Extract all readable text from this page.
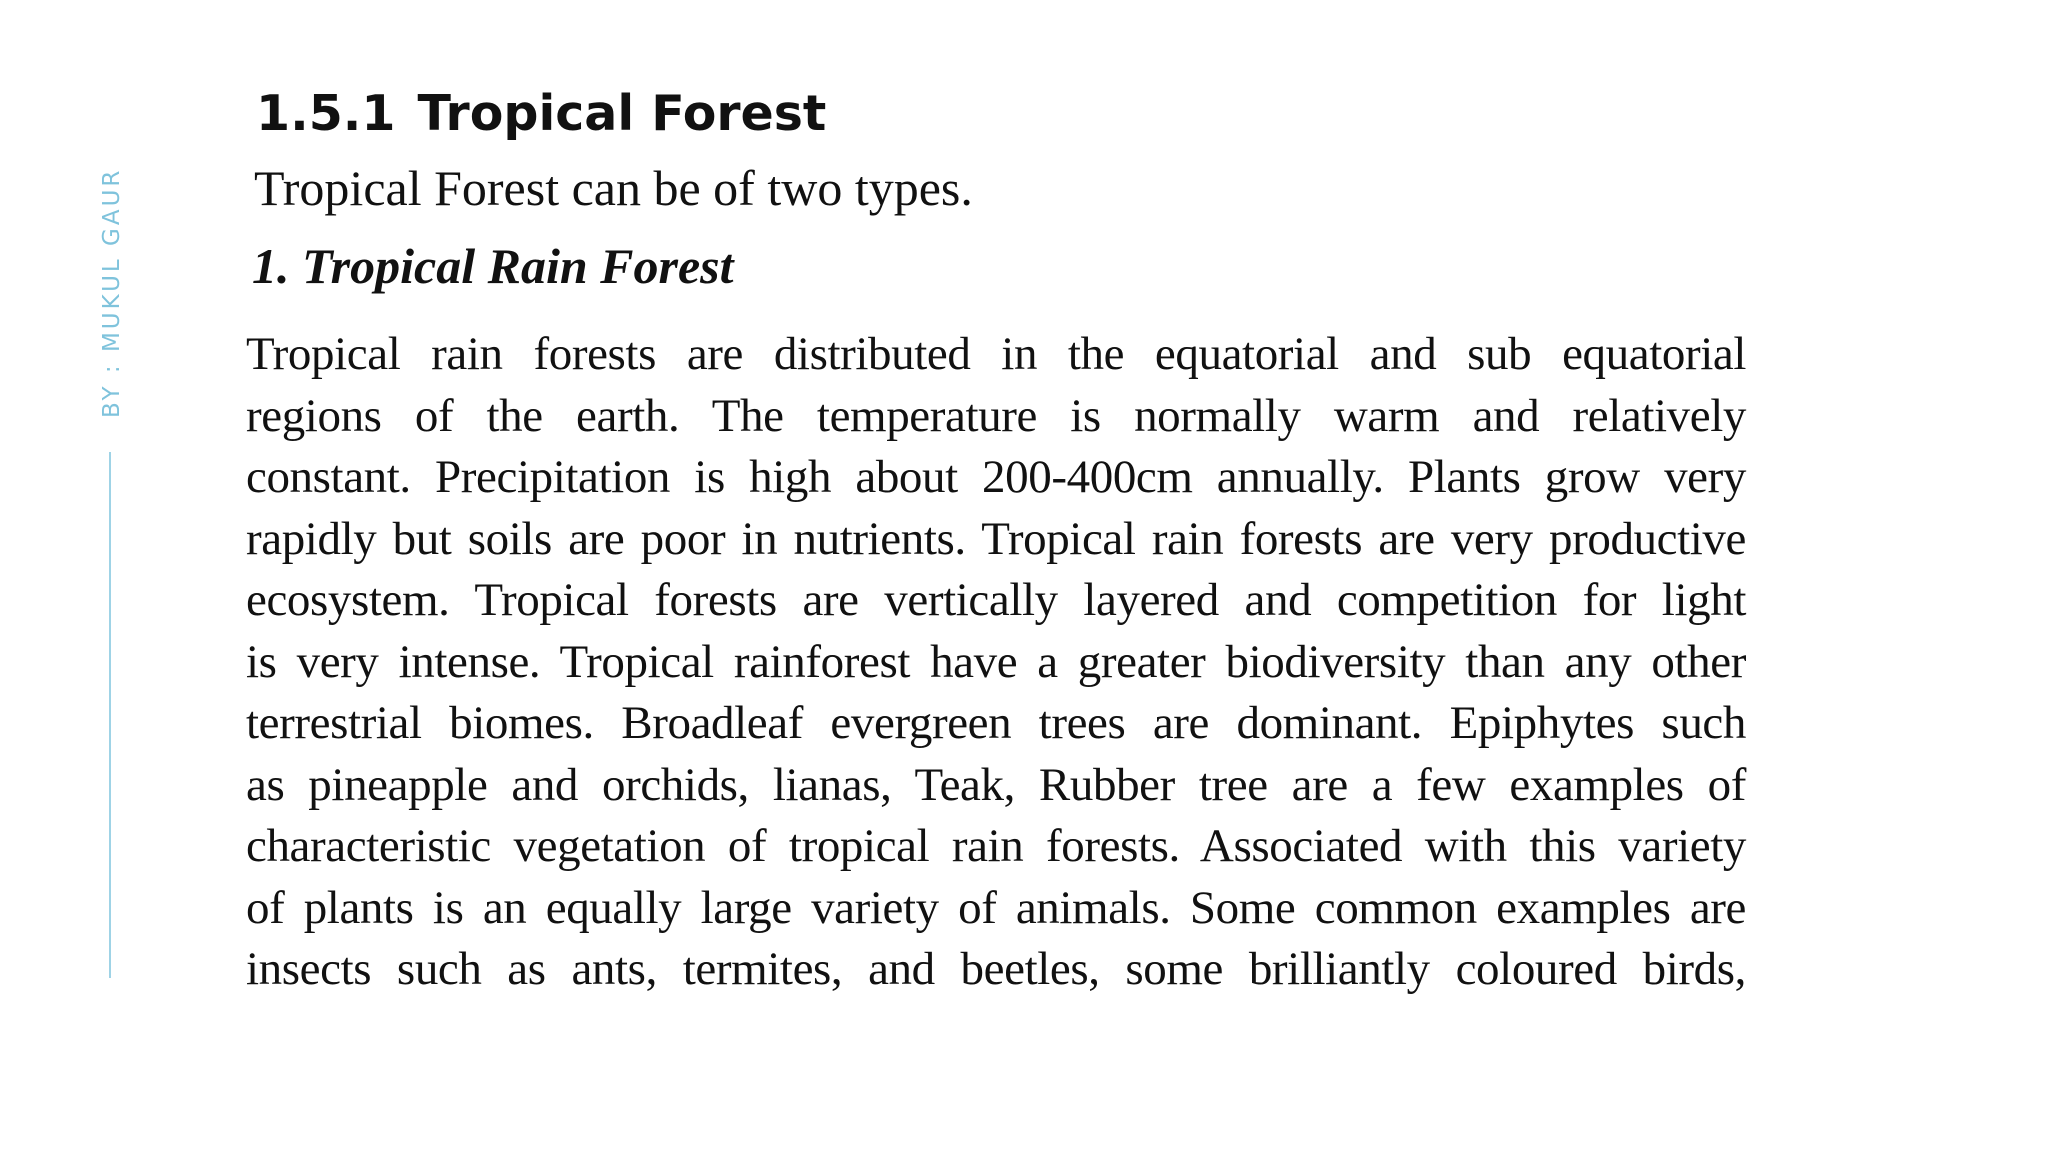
BY : MUKUL GAUR
1.5.1 Tropical Forest

Tropical Forest can be of two types.

1. Tropical Rain Forest

Tropical rain forests are distributed in the equatorial and sub equatorial
regions of the earth. The temperature is normally warm and relatively
constant. Precipitation is high about 200-400cm annually. Plants grow very
rapidly but soils are poor in nutrients. Tropical rain forests are very productive
ecosystem. Tropical forests are vertically layered and competition for light
is very intense. Tropical rainforest have a greater biodiversity than any other
terrestrial biomes. Broadleaf evergreen trees are dominant. Epiphytes such
as pineapple and orchids, lianas, Teak, Rubber tree are a few examples of
characteristic vegetation of tropical rain forests. Associated with this variety
of plants is an equally large variety of animals. Some common examples are
insects such as ants, termites, and beetles, some brilliantly coloured birds,
